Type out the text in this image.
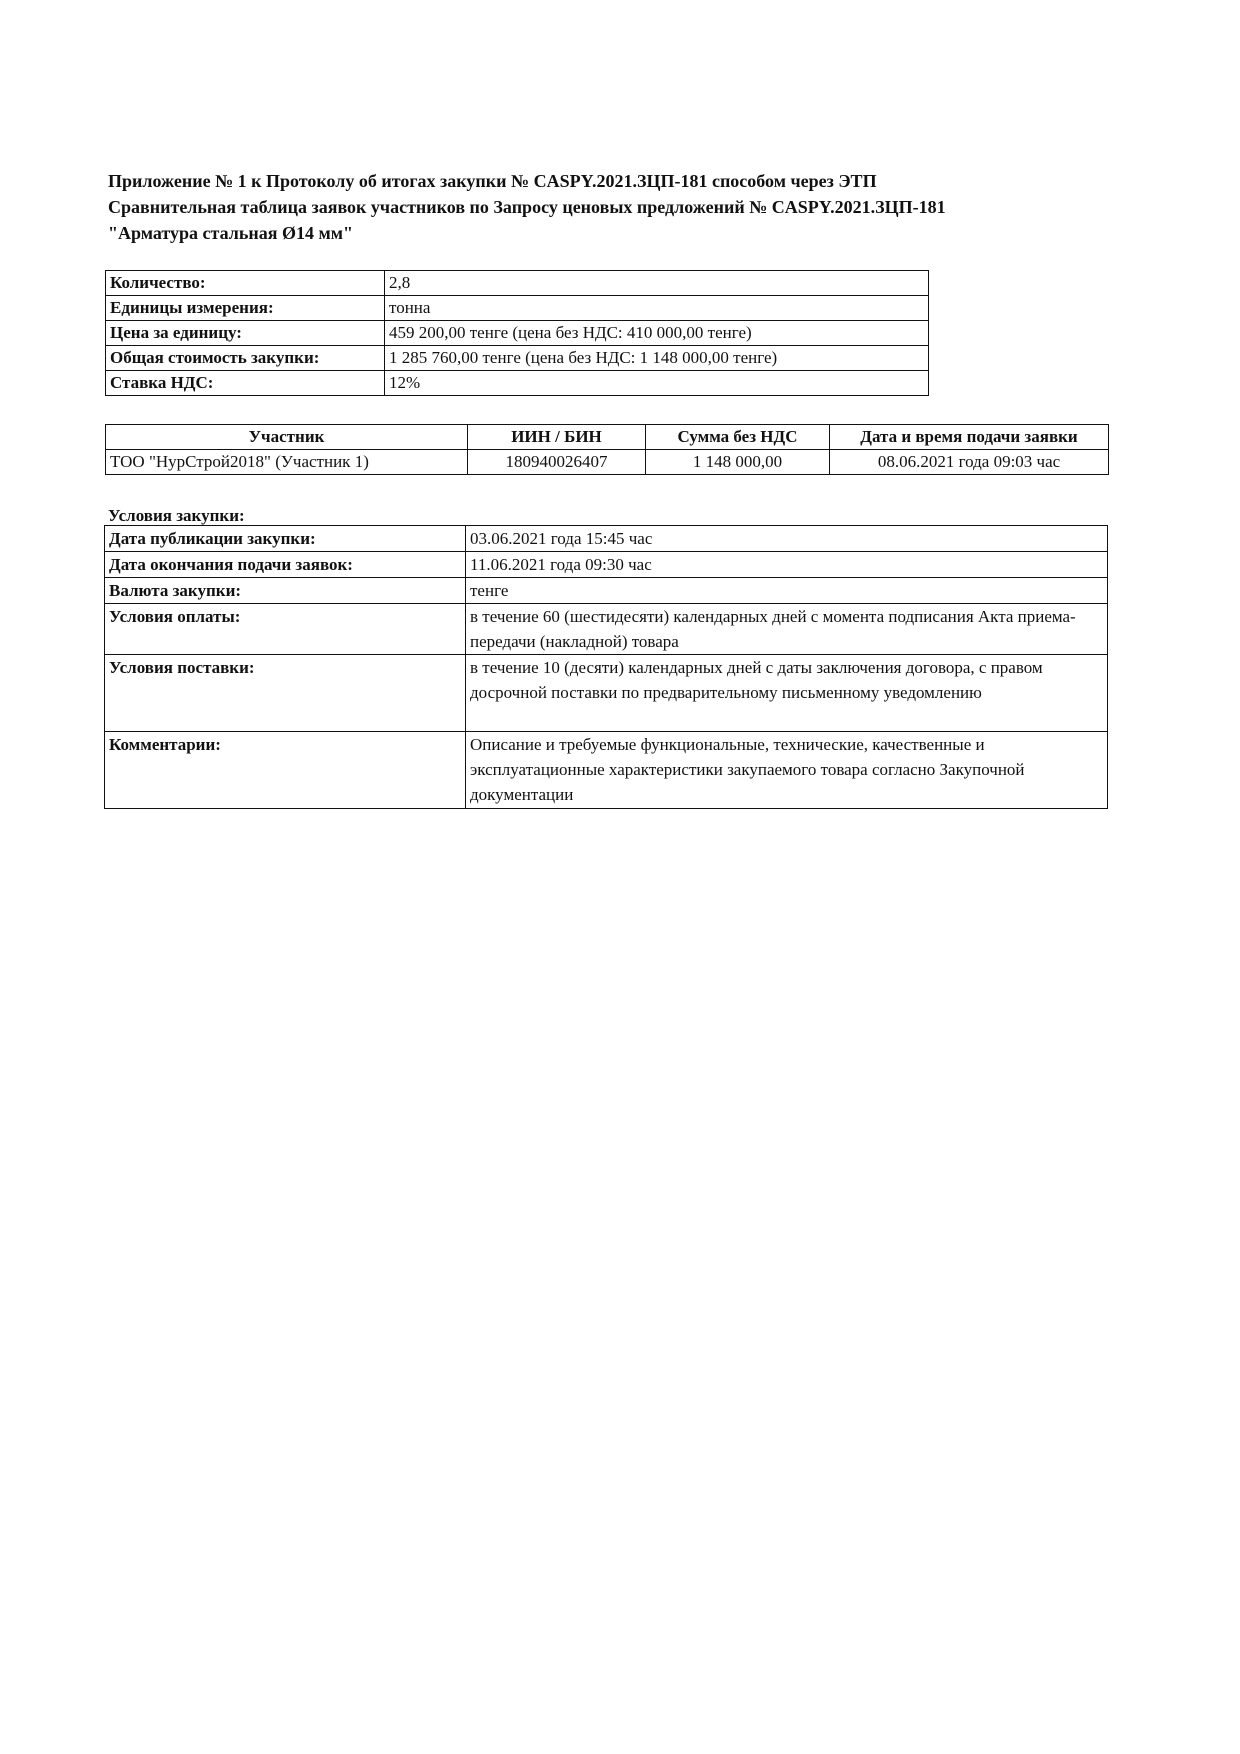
Приложение № 1 к Протоколу об итогах закупки № CASPY.2021.ЗЦП-181 способом через ЭТП
Сравнительная таблица заявок участников по Запросу ценовых предложений № CASPY.2021.ЗЦП-181
"Арматура стальная Ø14 мм"
Количество:	2,8
Единицы измерения:	тонна
Цена за единицу:	459 200,00 тенге (цена без НДС: 410 000,00 тенге)
Общая стоимость закупки:	1 285 760,00 тенге (цена без НДС: 1 148 000,00 тенге)
Ставка НДС:	12%
Участник	ИИН / БИН	Сумма без НДС	Дата и время подачи заявки
ТОО "НурСтрой2018" (Участник 1)	180940026407	1 148 000,00	08.06.2021 года 09:03 час
Условия закупки:
Дата публикации закупки:	03.06.2021 года 15:45 час
Дата окончания подачи заявок:	11.06.2021 года 09:30 час
Валюта закупки:	тенге
Условия оплаты:	в течение 60 (шестидесяти) календарных дней с момента подписания Акта приема-передачи (накладной) товара
Условия поставки:	в течение 10 (десяти) календарных дней с даты заключения договора, с правом досрочной поставки по предварительному письменному уведомлению
Комментарии:	Описание и требуемые функциональные, технические, качественные и эксплуатационные характеристики закупаемого товара согласно Закупочной документации
